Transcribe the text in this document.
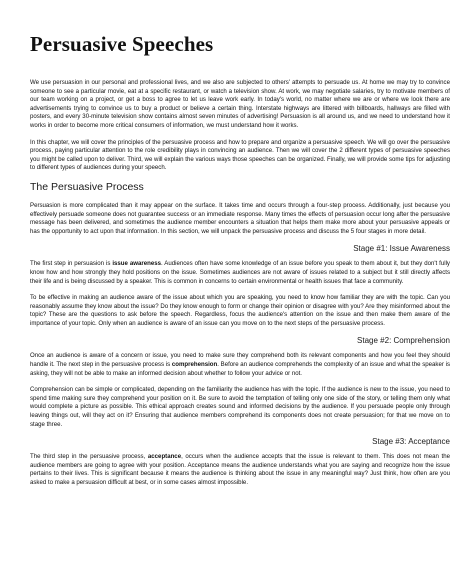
Persuasive Speeches

We use persuasion in our personal and professional lives, and we also are subjected to others' attempts to persuade us. At home we may try to convince someone to see a particular movie, eat at a specific restaurant, or watch a television show. At work, we may negotiate salaries, try to motivate members of our team working on a project, or get a boss to agree to let us leave work early. In today's world, no matter where we are or where we look there are advertisements trying to convince us to buy a product or believe a certain thing. Interstate highways are littered with billboards, hallways are filled with posters, and every 30-minute television show contains almost seven minutes of advertising! Persuasion is all around us, and we need to understand how it works in order to become more critical consumers of information, we must understand how it works.

In this chapter, we will cover the principles of the persuasive process and how to prepare and organize a persuasive speech. We will go over the persuasive process, paying particular attention to the role credibility plays in convincing an audience. Then we will cover the 2 different types of persuasive speeches you might be called upon to deliver. Third, we will explain the various ways those speeches can be organized. Finally, we will provide some tips for adjusting to different types of audiences during your speech.

The Persuasive Process

Persuasion is more complicated than it may appear on the surface. It takes time and occurs through a four-step process. Additionally, just because you effectively persuade someone does not guarantee success or an immediate response. Many times the effects of persuasion occur long after the persuasive message has been delivered, and sometimes the audience member encounters a situation that helps them make more about your persuasive appeals or has the opportunity to act upon that information. In this section, we will unpack the persuasive process and discuss the 5 four stages in more detail.

Stage #1: Issue Awareness

The first step in persuasion is issue awareness. Audiences often have some knowledge of an issue before you speak to them about it, but they don't fully know how and how strongly they hold positions on the issue. Sometimes audiences are not aware of issues related to a subject but it still directly affects their life and is being discussed by a speaker. This is common in concerns to certain environmental or health issues that face a community.

To be effective in making an audience aware of the issue about which you are speaking, you need to know how familiar they are with the topic. Can you reasonably assume they know about the issue? Do they know enough to form or change their opinion or disagree with you? Are they misinformed about the topic? These are the questions to ask before the speech. Regardless, focus the audience's attention on the issue and then make them aware of the importance of your topic. Only when an audience is aware of an issue can you move on to the next steps of the persuasive process.

Stage #2: Comprehension

Once an audience is aware of a concern or issue, you need to make sure they comprehend both its relevant components and how you feel they should handle it. The next step in the persuasive process is comprehension. Before an audience comprehends the complexity of an issue and what the speaker is asking, they will not be able to make an informed decision about whether to follow your advice or not.

Comprehension can be simple or complicated, depending on the familiarity the audience has with the topic. If the audience is new to the issue, you need to spend time making sure they comprehend your position on it. Be sure to avoid the temptation of telling only one side of the story, or telling them only what would complete a picture as possible. This ethical approach creates sound and informed decisions by the audience. If you persuade people only through leaving things out, will they act on it? Ensuring that audience members comprehend its components does not create persuasion; for that we move on to stage three.

Stage #3: Acceptance

The third step in the persuasive process, acceptance, occurs when the audience accepts that the issue is relevant to them. This does not mean the audience members are going to agree with your position. Acceptance means the audience understands what you are saying and recognize how the issue pertains to their lives. This is significant because it means the audience is thinking about the issue in any meaningful way? Just think, how often are you asked to make a persuasion difficult at best, or in some cases almost impossible.
